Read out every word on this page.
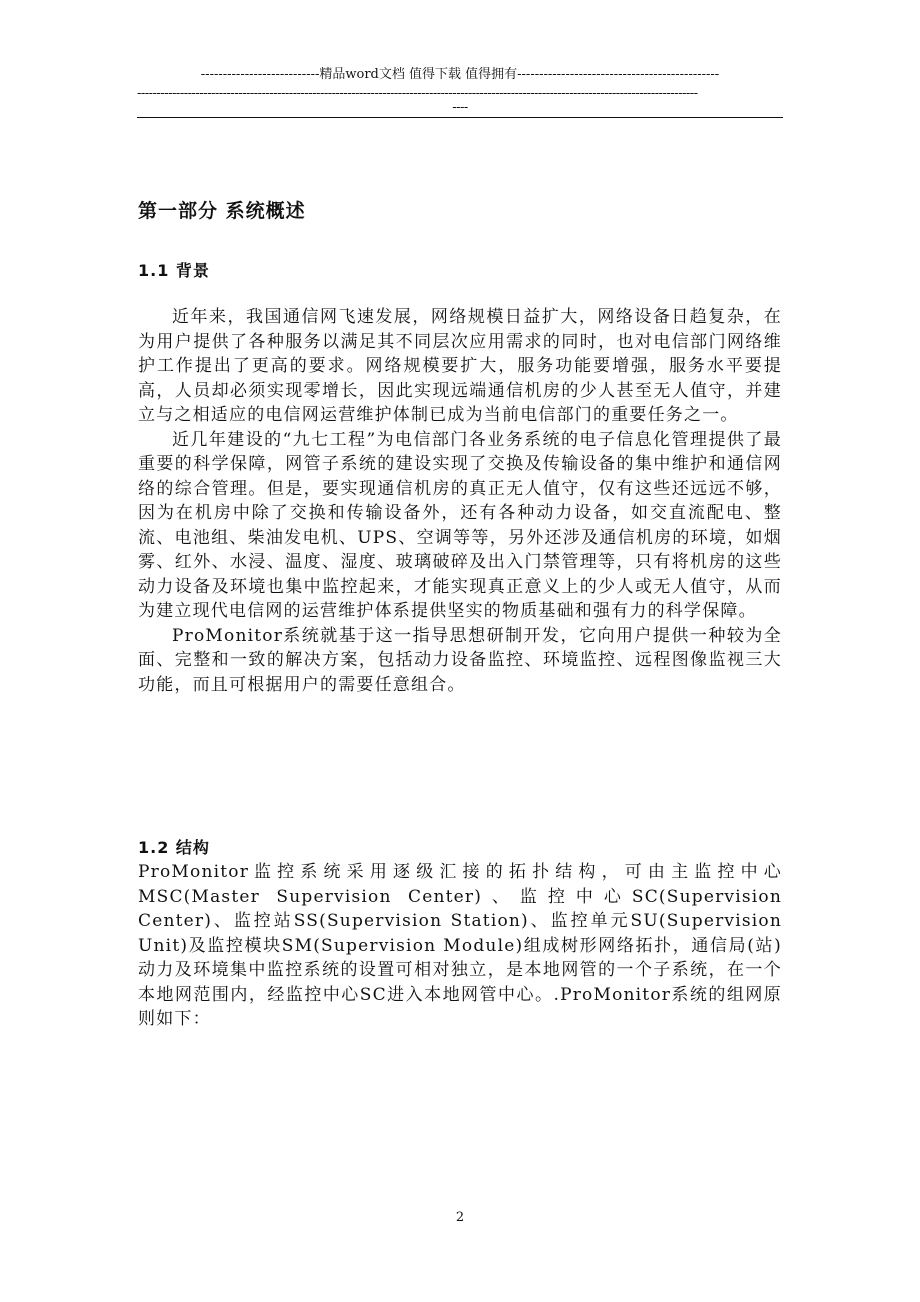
---------------------------精品word文档 值得下载 值得拥有----------------------------------------------
------------------------------------------------------------------------------------------------------------------------------------------------
----
第一部分 系统概述
1.1 背景

近年来，我国通信网飞速发展，网络规模日益扩大，网络设备日趋复杂，在为用户提供了各种服务以满足其不同层次应用需求的同时，也对电信部门网络维护工作提出了更高的要求。网络规模要扩大，服务功能要增强，服务水平要提高，人员却必须实现零增长，因此实现远端通信机房的少人甚至无人值守，并建立与之相适应的电信网运营维护体制已成为当前电信部门的重要任务之一。

近几年建设的“九七工程”为电信部门各业务系统的电子信息化管理提供了最重要的科学保障，网管子系统的建设实现了交换及传输设备的集中维护和通信网络的综合管理。但是，要实现通信机房的真正无人值守，仅有这些还远远不够，因为在机房中除了交换和传输设备外，还有各种动力设备，如交直流配电、整流、电池组、柴油发电机、UPS、空调等等，另外还涉及通信机房的环境，如烟雾、红外、水浸、温度、湿度、玻璃破碎及出入门禁管理等，只有将机房的这些动力设备及环境也集中监控起来，才能实现真正意义上的少人或无人值守，从而为建立现代电信网的运营维护体系提供坚实的物质基础和强有力的科学保障。

ProMonitor系统就基于这一指导思想研制开发，它向用户提供一种较为全面、完整和一致的解决方案，包括动力设备监控、环境监控、远程图像监视三大功能，而且可根据用户的需要任意组合。

1.2 结构

ProMonitor监控系统采用逐级汇接的拓扑结构，可由主监控中心MSC(Master Supervision Center)、监控中心SC(Supervision Center)、监控站SS(Supervision Station)、监控单元SU(Supervision Unit)及监控模块SM(Supervision Module)组成树形网络拓扑，通信局(站)动力及环境集中监控系统的设置可相对独立，是本地网管的一个子系统，在一个本地网范围内，经监控中心SC进入本地网管中心。.ProMonitor系统的组网原则如下：

2
